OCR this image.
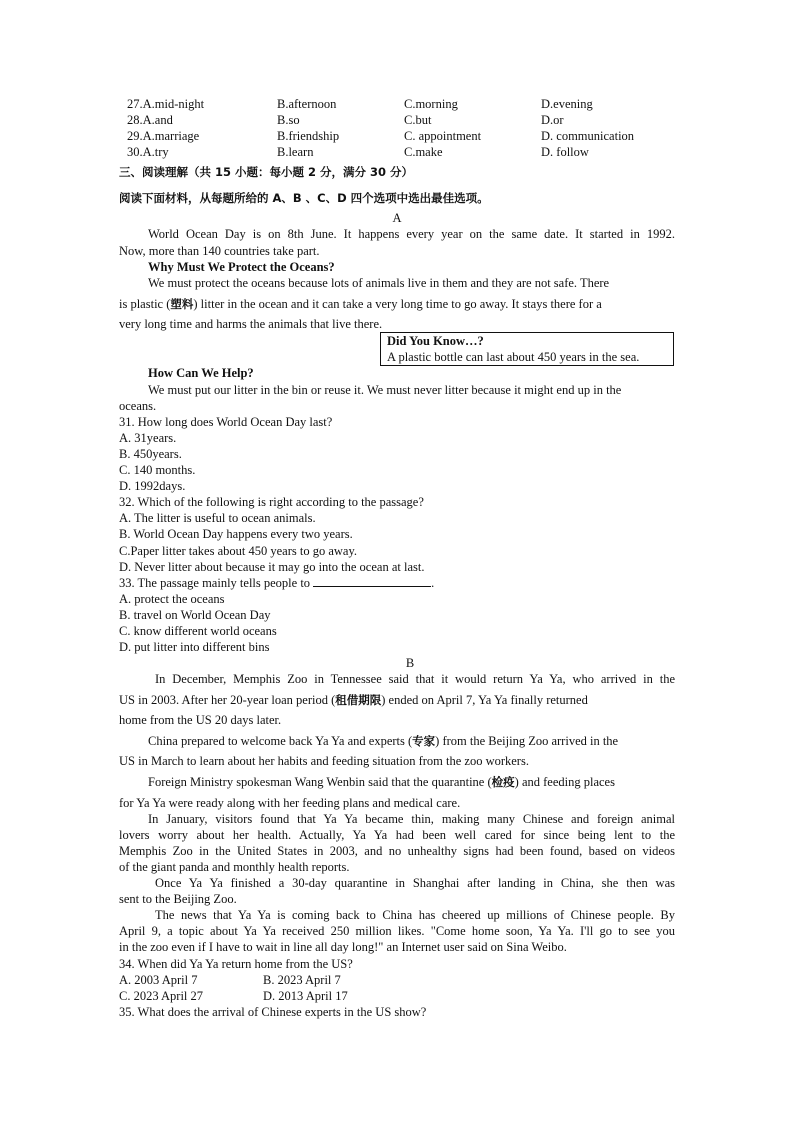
27.A.mid-night	B.afternoon	C.morning	D.evening
28.A.and	B.so	C.but	D.or
29.A.marriage	B.friendship	C. appointment	D. communication
30.A.try	B.learn	C.make	D. follow
三、阅读理解（共 15 小题：每小题 2 分，满分 30 分）
阅读下面材料，从每题所给的 A、B 、C、D 四个选项中选出最佳选项。
A
World Ocean Day is on 8th June. It happens every year on the same date. It started in 1992.
Now, more than 140 countries take part.
Why Must We Protect the Oceans?
We must protect the oceans because lots of animals live in them and they are not safe. There
is plastic (塑料) litter in the ocean and it can take a very long time to go away. It stays there for a
very long time and harms the animals that live there.
Did You Know…?
A plastic bottle can last about 450 years in the sea.
How Can We Help?
We must put our litter in the bin or reuse it. We must never litter because it might end up in the
oceans.
31. How long does World Ocean Day last?
A. 31years.
B. 450years.
C. 140 months.
D. 1992days.
32. Which of the following is right according to the passage?
A. The litter is useful to ocean animals.
B. World Ocean Day happens every two years.
C.Paper litter takes about 450 years to go away.
D. Never litter about because it may go into the ocean at last.
33. The passage mainly tells people to	.
A. protect the oceans
B. travel on World Ocean Day
C. know different world oceans
D. put litter into different bins
B
In December, Memphis Zoo in Tennessee said that it would return Ya Ya, who arrived in the
US in 2003. After her 20-year loan period (租借期限) ended on April 7, Ya Ya finally returned
home from the US 20 days later.
China prepared to welcome back Ya Ya and experts (专家) from the Beijing Zoo arrived in the
US in March to learn about her habits and feeding situation from the zoo workers.
Foreign Ministry spokesman Wang Wenbin said that the quarantine (检疫) and feeding places
for Ya Ya were ready along with her feeding plans and medical care.
In January, visitors found that Ya Ya became thin, making many Chinese and foreign animal
lovers worry about her health. Actually, Ya Ya had been well cared for since being lent to the
Memphis Zoo in the United States in 2003, and no unhealthy signs had been found, based on videos
of the giant panda and monthly health reports.
Once Ya Ya finished a 30-day quarantine in Shanghai after landing in China, she then was
sent to the Beijing Zoo.
The news that Ya Ya is coming back to China has cheered up millions of Chinese people. By
April 9, a topic about Ya Ya received 250 million likes. "Come home soon, Ya Ya. I'll go to see you
in the zoo even if I have to wait in line all day long!" an Internet user said on Sina Weibo.
34. When did Ya Ya return home from the US?
A. 2003 April 7	B. 2023 April 7
C. 2023 April 27	D. 2013 April 17
35. What does the arrival of Chinese experts in the US show?
